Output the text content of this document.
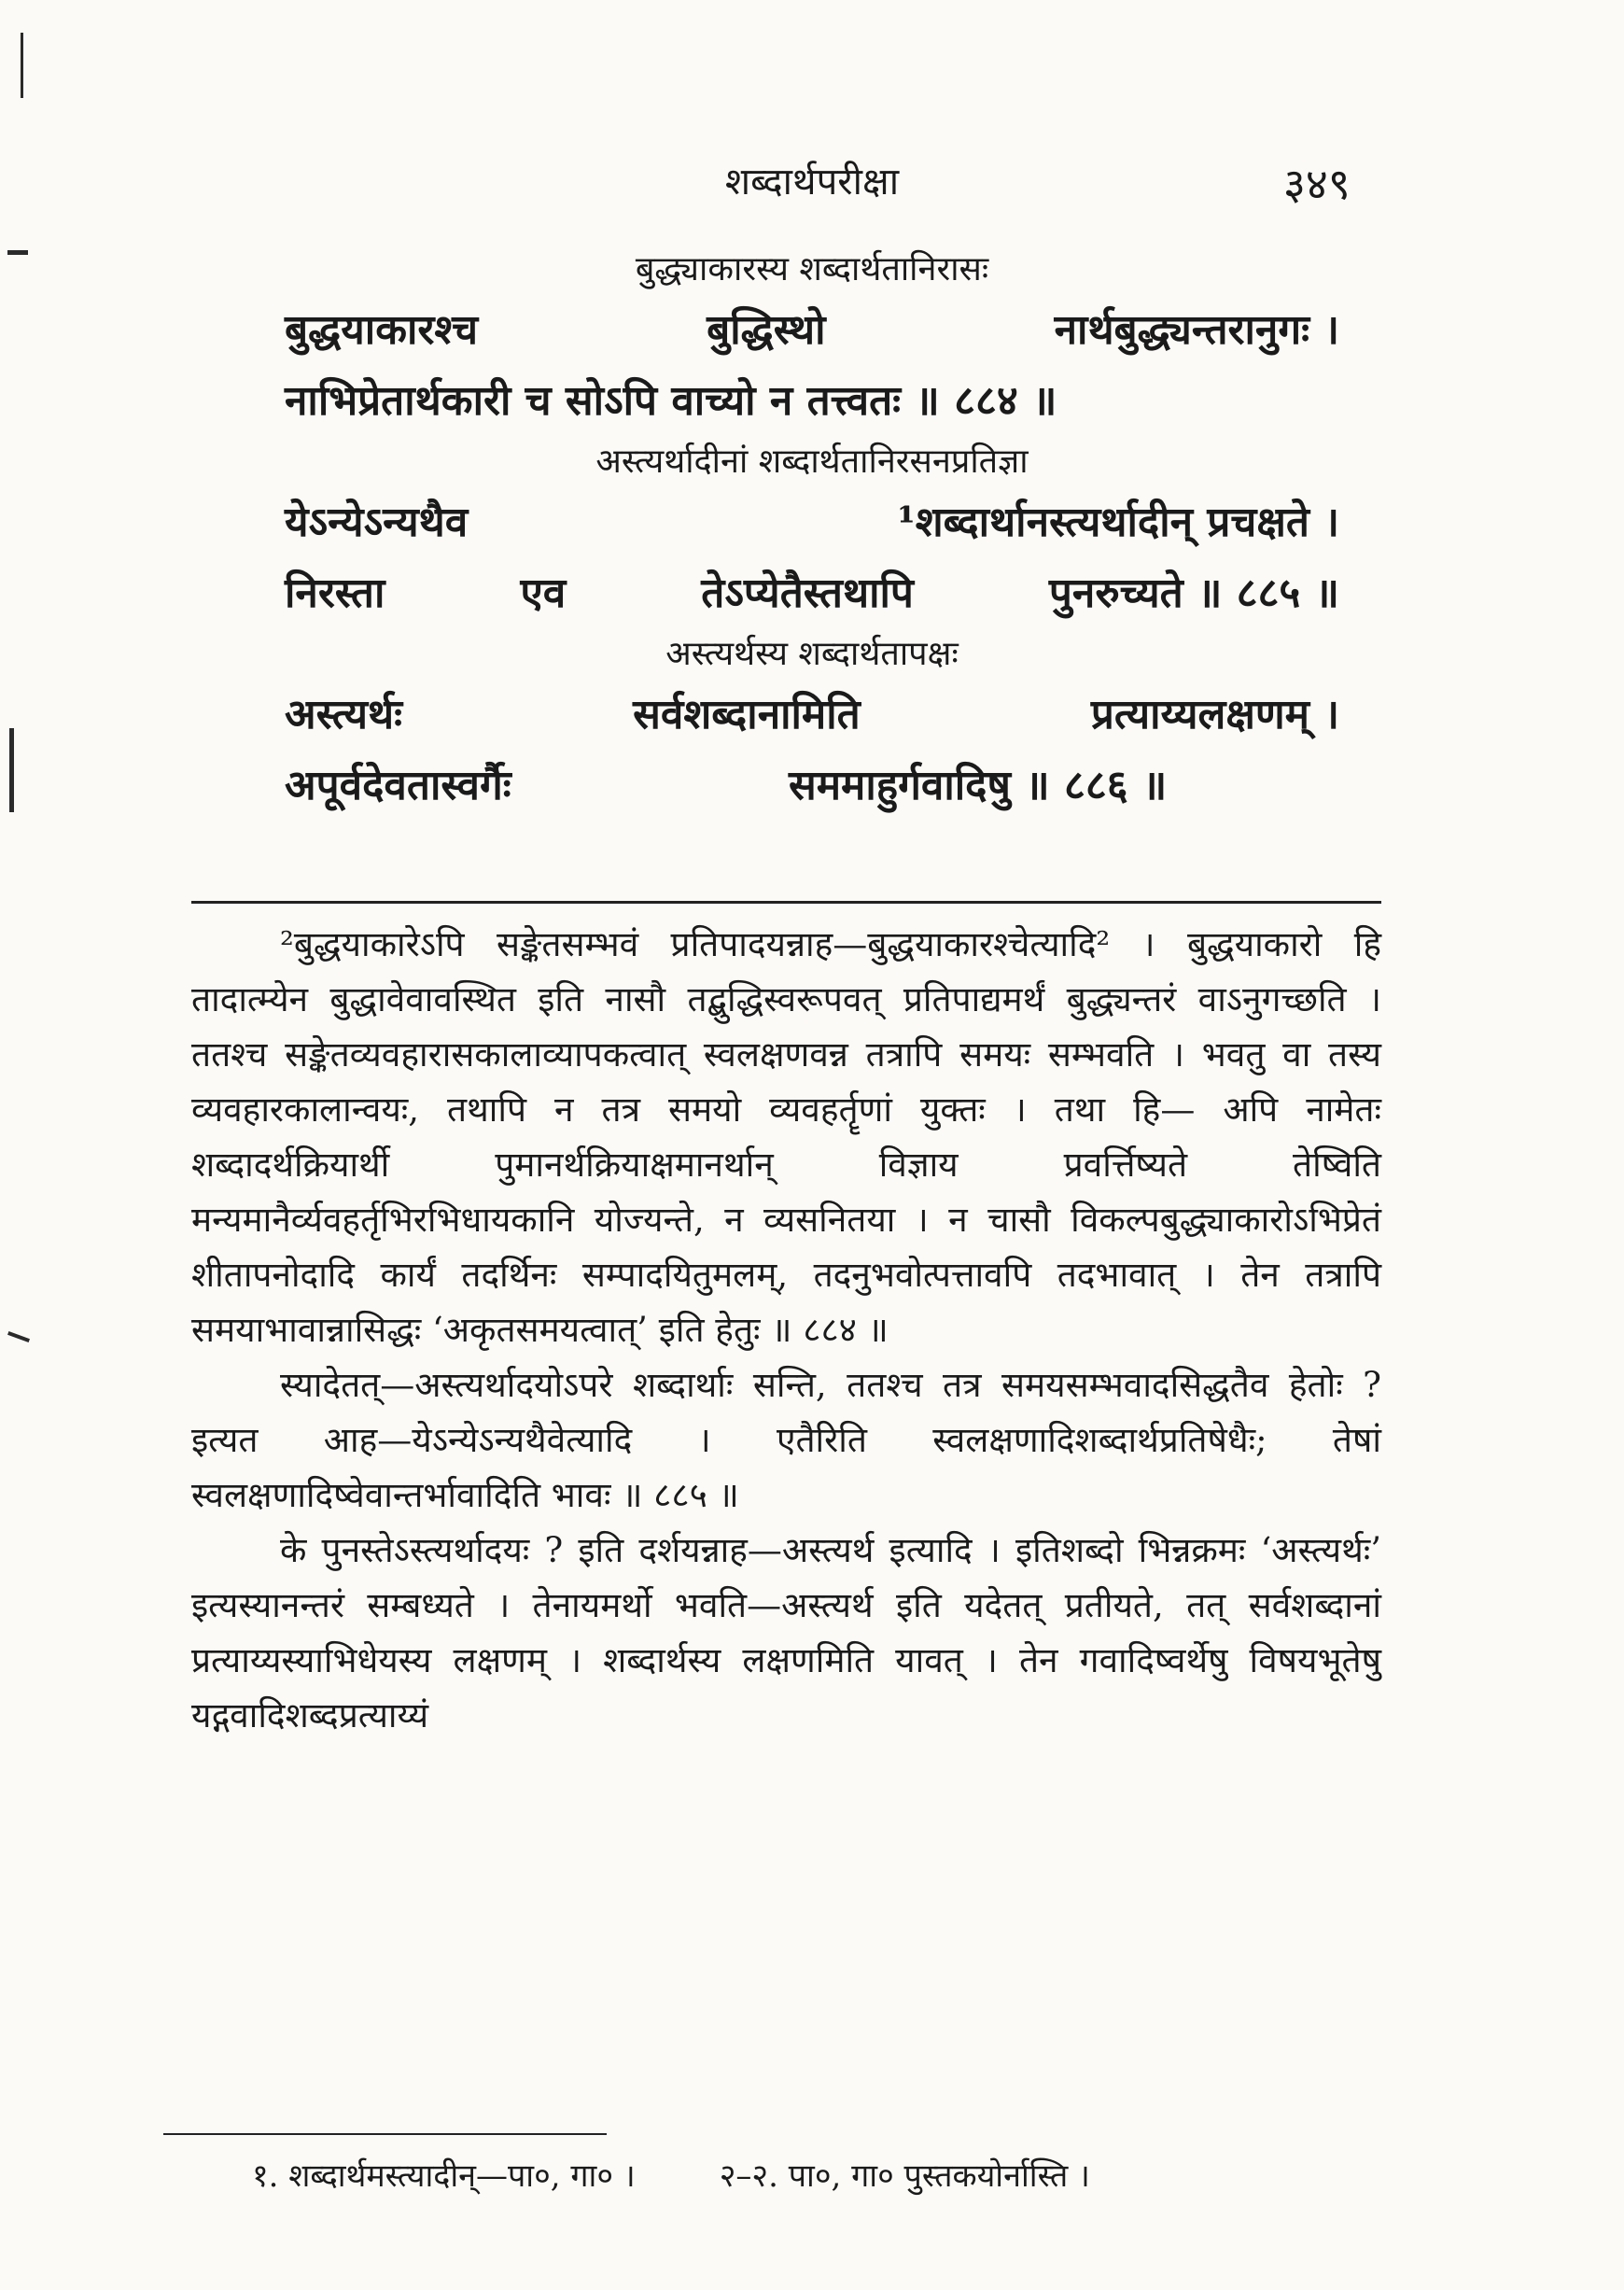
शब्दार्थपरीक्षा	३४९
बुद्ध्याकारस्य शब्दार्थतानिरासः
बुद्धयाकारश्च	बुद्धिस्थो	नार्थबुद्ध्यन्तरानुगः ।
नाभिप्रेतार्थकारी च सोऽपि वाच्यो न तत्त्वतः ॥ ८८४ ॥
अस्त्यर्थादीनां शब्दार्थतानिरसनप्रतिज्ञा
येऽन्येऽन्यथैव	¹शब्दार्थानस्त्यर्थादीन् प्रचक्षते ।
निरस्ता	एव	तेऽप्येतैस्तथापि	पुनरुच्यते ॥ ८८५ ॥
अस्त्यर्थस्य शब्दार्थतापक्षः
अस्त्यर्थः	सर्वशब्दानामिति	प्रत्याय्यलक्षणम् ।
अपूर्वदेवतास्वर्गैः	सममाहुर्गवादिषु ॥ ८८६ ॥

²बुद्धयाकारेऽपि सङ्केतसम्भवं प्रतिपादयन्नाह—बुद्धयाकारश्चेत्यादि² । बुद्धयाकारो हि तादात्म्येन बुद्धावेवावस्थित इति नासौ तद्बुद्धिस्वरूपवत् प्रतिपाद्यमर्थं बुद्ध्यन्तरं वाऽनुगच्छति । ततश्च सङ्केतव्यवहारासकालाव्यापकत्वात् स्वलक्षणवन्न तत्रापि समयः सम्भवति । भवतु वा तस्य व्यवहारकालान्वयः, तथापि न तत्र समयो व्यवहर्तॄणां युक्तः । तथा हि— अपि नामेतः शब्दादर्थक्रियार्थी पुमानर्थक्रियाक्षमानर्थान् विज्ञाय प्रवर्त्तिष्यते तेष्विति मन्यमानैर्व्यवहर्तृभिरभिधायकानि योज्यन्ते, न व्यसनितया । न चासौ विकल्पबुद्ध्याकारोऽभिप्रेतं शीतापनोदादि कार्यं तदर्थिनः सम्पादयितुमलम्, तदनुभवोत्पत्तावपि तदभावात् । तेन तत्रापि समयाभावान्नासिद्धः ‘अकृतसमयत्वात्’ इति हेतुः ॥ ८८४ ॥

स्यादेतत्—अस्त्यर्थादयोऽपरे शब्दार्थाः सन्ति, ततश्च तत्र समयसम्भवादसिद्धतैव हेतोः ? इत्यत आह—येऽन्येऽन्यथैवेत्यादि । एतैरिति स्वलक्षणादिशब्दार्थप्रतिषेधैः; तेषां स्वलक्षणादिष्वेवान्तर्भावादिति भावः ॥ ८८५ ॥

के पुनस्तेऽस्त्यर्थादयः ? इति दर्शयन्नाह—अस्त्यर्थ इत्यादि । इतिशब्दो भिन्नक्रमः ‘अस्त्यर्थः’ इत्यस्यानन्तरं सम्बध्यते । तेनायमर्थो भवति—अस्त्यर्थ इति यदेतत् प्रतीयते, तत् सर्वशब्दानां प्रत्याय्यस्याभिधेयस्य लक्षणम् । शब्दार्थस्य लक्षणमिति यावत् । तेन गवादिष्वर्थेषु विषयभूतेषु यद्गवादिशब्दप्रत्याय्यं

१. शब्दार्थमस्त्यादीन्—पा०, गा० ।	२–२. पा०, गा० पुस्तकयोर्नास्ति ।
